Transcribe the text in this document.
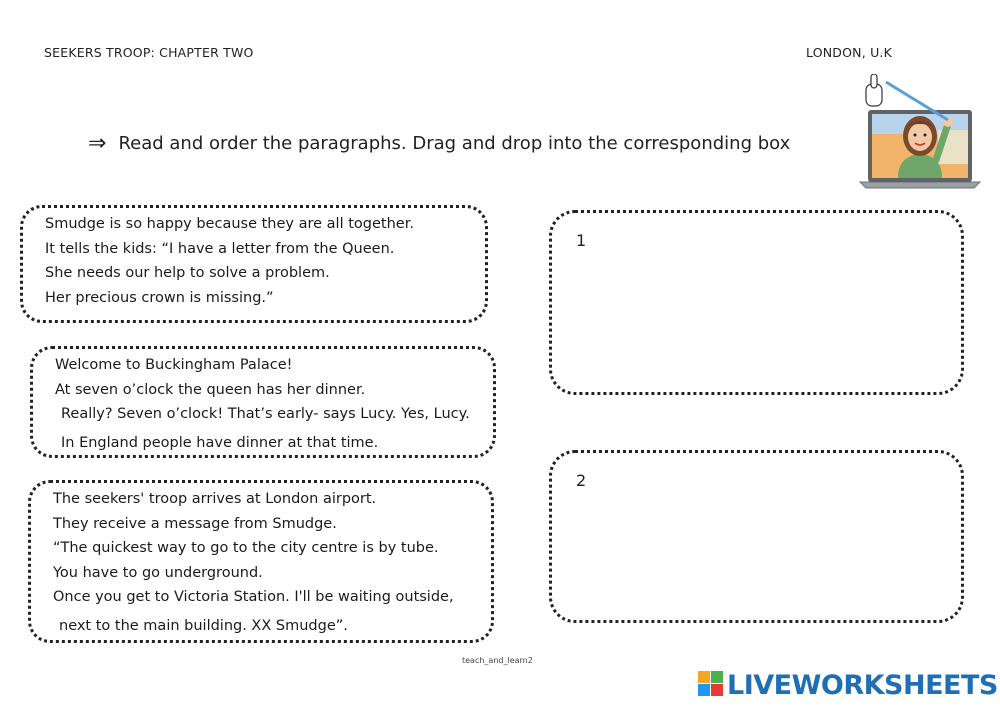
SEEKERS TROOP: CHAPTER TWO	LONDON, U.K
⇒ Read and order the paragraphs. Drag and drop into the corresponding box
Smudge is so happy because they are all together.
It tells the kids: “I have a letter from the Queen.
She needs our help to solve a problem.
Her precious crown is missing.”
Welcome to Buckingham Palace!
At seven o’clock the queen has her dinner.
Really? Seven o’clock! That’s early- says Lucy. Yes, Lucy.
In England people have dinner at that time.
The seekers' troop arrives at London airport.
They receive a message from Smudge.
“The quickest way to go to the city centre is by tube.
You have to go underground.
Once you get to Victoria Station. I'll be waiting outside,
next to the main building. XX Smudge”.
1
2
teach_and_learn2
LIVEWORKSHEETS
